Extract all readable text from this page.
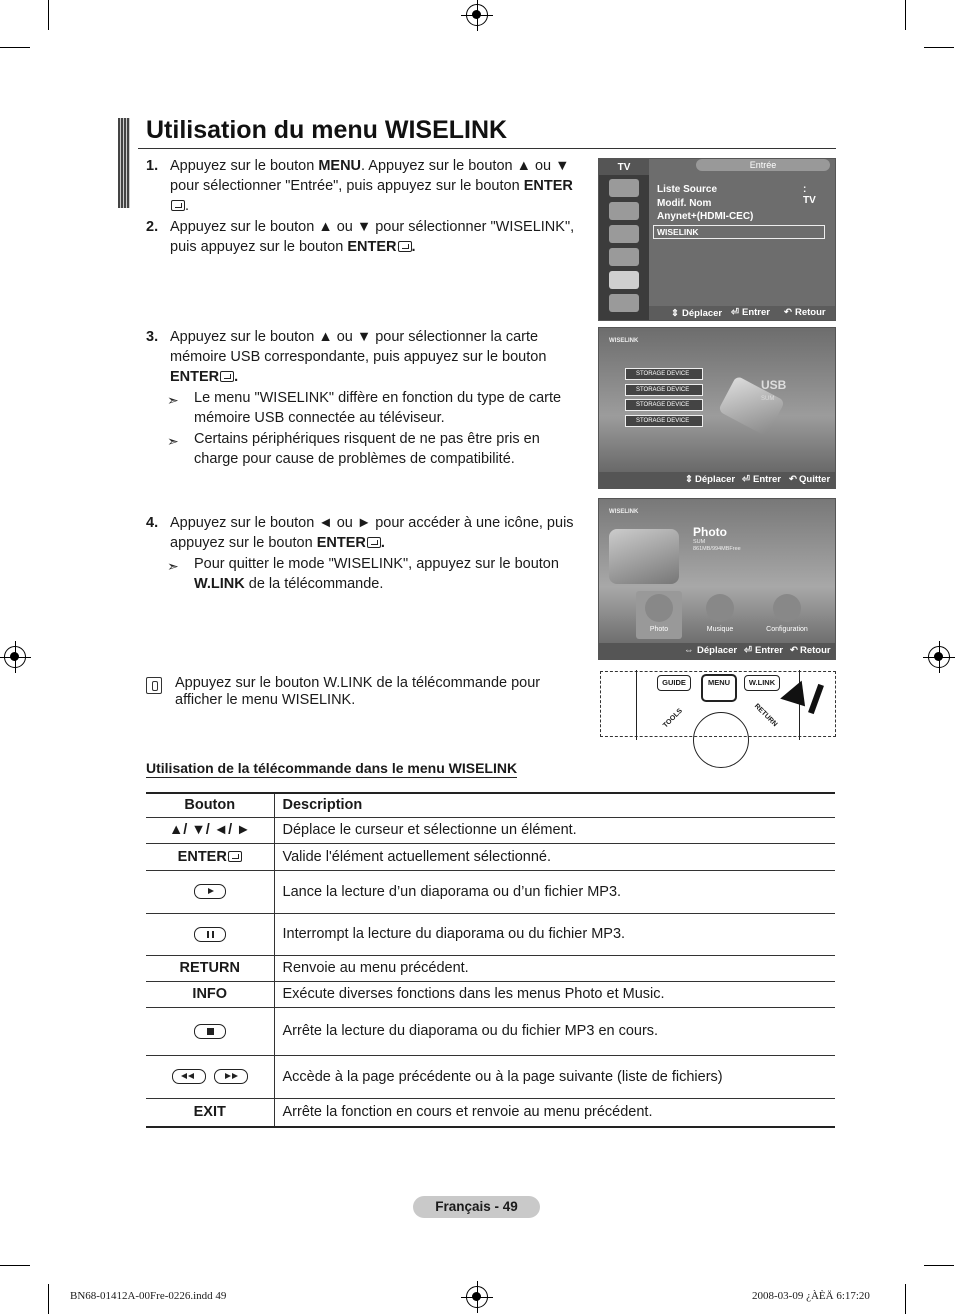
Utilisation du menu WISELINK
1. Appuyez sur le bouton MENU. Appuyez sur le bouton ▲ ou ▼ pour sélectionner "Entrée", puis appuyez sur le bouton ENTER.
2. Appuyez sur le bouton ▲ ou ▼ pour sélectionner "WISELINK", puis appuyez sur le bouton ENTER .
3. Appuyez sur le bouton ▲ ou ▼ pour sélectionner la carte mémoire USB correspondante, puis appuyez sur le bouton ENTER .
➣ Le menu "WISELINK" diffère en fonction du type de carte mémoire USB connectée au téléviseur.
➣ Certains périphériques risquent de ne pas être pris en charge pour cause de problèmes de compatibilité.
4. Appuyez sur le bouton ◄ ou ► pour accéder à une icône, puis appuyez sur le bouton ENTER .
➣ Pour quitter le mode "WISELINK", appuyez sur le bouton W.LINK de la télécommande.
TV	Entrée
Liste Source	: TV
►
Modif. Nom	►
Anynet+(HDMI-CEC)
WISELINK
⇕ Déplacer ⏎ Entrer ↶ Retour
WISELINK
STORAGE DEVICE
STORAGE DEVICE
STORAGE DEVICE
STORAGE DEVICE
USB
SUM
⇕ Déplacer ⏎ Entrer ↶ Quitter
WISELINK
Photo
SUM
861MB/994MBFree
Photo	Musique	Configuration
⇔ Déplacer ⏎ Entrer ↶ Retour
Appuyez sur le bouton W.LINK de la télécommande pour afficher le menu WISELINK.
GUIDE	MENU	W.LINK
TOOLS	RETURN
Utilisation de la télécommande dans le menu WISELINK
Bouton	Description
▲/ ▼/ ◄/ ►	Déplace le curseur et sélectionne un élément.
ENTER	Valide l'élément actuellement sélectionné.
	Lance la lecture d’un diaporama ou d’un fichier MP3.
	Interrompt la lecture du diaporama ou du fichier MP3.
RETURN	Renvoie au menu précédent.
INFO	Exécute diverses fonctions dans les menus Photo et Music.
	Arrête la lecture du diaporama ou du fichier MP3 en cours.
	Accède à la page précédente ou à la page suivante (liste de fichiers)
EXIT	Arrête la fonction en cours et renvoie au menu précédent.
Français - 49
BN68-01412A-00Fre-0226.indd 49	2008-03-09 ¿ÀÈÄ 6:17:20
